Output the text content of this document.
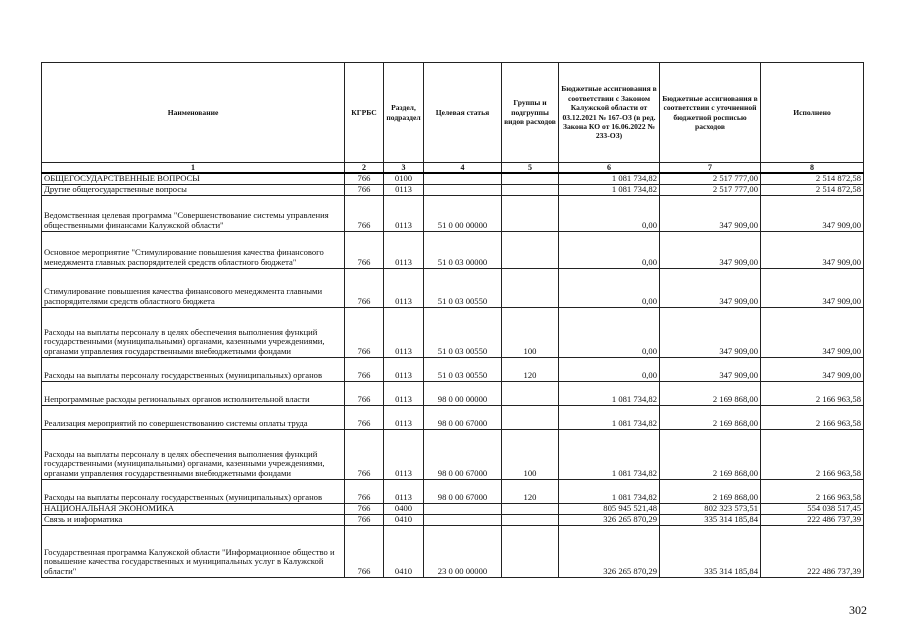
Наименование	КГРБС	Раздел, подраздел	Целевая статья	Группы и подгруппы видов расходов	Бюджетные ассигнования в соответствии с Законом Калужской области от 03.12.2021 № 167-ОЗ (в ред. Закона КО от 16.06.2022 № 233-ОЗ)	Бюджетные ассигнования в соответствии с уточненной бюджетной росписью расходов	Исполнено
1	2	3	4	5	6	7	8
ОБЩЕГОСУДАРСТВЕННЫЕ ВОПРОСЫ	766	0100			1 081 734,82	2 517 777,00	2 514 872,58
Другие общегосударственные вопросы	766	0113			1 081 734,82	2 517 777,00	2 514 872,58
Ведомственная целевая программа "Совершенствование системы управления общественными финансами Калужской области"	766	0113	51 0 00 00000		0,00	347 909,00	347 909,00
Основное мероприятие "Стимулирование повышения качества финансового менеджмента главных распорядителей средств областного бюджета"	766	0113	51 0 03 00000		0,00	347 909,00	347 909,00
Стимулирование повышения качества финансового менеджмента главными распорядителями средств областного бюджета	766	0113	51 0 03 00550		0,00	347 909,00	347 909,00
Расходы на выплаты персоналу в целях обеспечения выполнения функций государственными (муниципальными) органами, казенными учреждениями, органами управления государственными внебюджетными фондами	766	0113	51 0 03 00550	100	0,00	347 909,00	347 909,00
Расходы на выплаты персоналу государственных (муниципальных) органов	766	0113	51 0 03 00550	120	0,00	347 909,00	347 909,00
Непрограммные расходы региональных органов исполнительной власти	766	0113	98 0 00 00000		1 081 734,82	2 169 868,00	2 166 963,58
Реализация мероприятий по совершенствованию системы оплаты труда	766	0113	98 0 00 67000		1 081 734,82	2 169 868,00	2 166 963,58
Расходы на выплаты персоналу в целях обеспечения выполнения функций государственными (муниципальными) органами, казенными учреждениями, органами управления государственными внебюджетными фондами	766	0113	98 0 00 67000	100	1 081 734,82	2 169 868,00	2 166 963,58
Расходы на выплаты персоналу государственных (муниципальных) органов	766	0113	98 0 00 67000	120	1 081 734,82	2 169 868,00	2 166 963,58
НАЦИОНАЛЬНАЯ ЭКОНОМИКА	766	0400			805 945 521,48	802 323 573,51	554 038 517,45
Связь и информатика	766	0410			326 265 870,29	335 314 185,84	222 486 737,39
Государственная программа Калужской области "Информационное общество и повышение качества государственных и муниципальных услуг в Калужской области"	766	0410	23 0 00 00000		326 265 870,29	335 314 185,84	222 486 737,39
302
